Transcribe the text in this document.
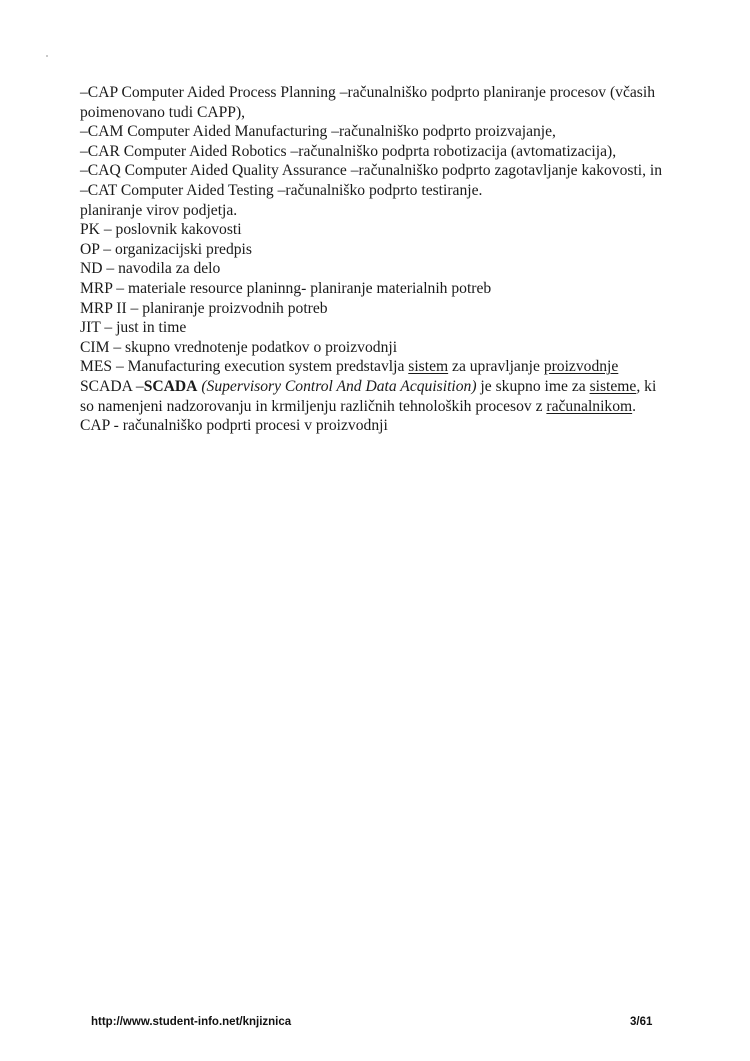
–CAP Computer Aided Process Planning –računalniško podprto planiranje procesov (včasih

poimenovano tudi CAPP),

–CAM Computer Aided Manufacturing –računalniško podprto proizvajanje,

–CAR Computer Aided Robotics –računalniško podprta robotizacija (avtomatizacija),

–CAQ Computer Aided Quality Assurance –računalniško podprto zagotavljanje kakovosti, in

–CAT Computer Aided Testing –računalniško podprto testiranje.

planiranje virov podjetja.

PK – poslovnik kakovosti

OP – organizacijski predpis

ND – navodila za delo

MRP – materiale resource planinng- planiranje materialnih potreb

MRP II – planiranje proizvodnih potreb

JIT – just in time

CIM – skupno vrednotenje podatkov o proizvodnji

MES – Manufacturing execution system predstavlja sistem za upravljanje proizvodnje

SCADA –SCADA (Supervisory Control And Data Acquisition) je skupno ime za sisteme, ki

so namenjeni nadzorovanju in krmiljenju različnih tehnoloških procesov z računalnikom.

CAP - računalniško podprti procesi v proizvodnji

http://www.student-info.net/knjiznica	3/61
